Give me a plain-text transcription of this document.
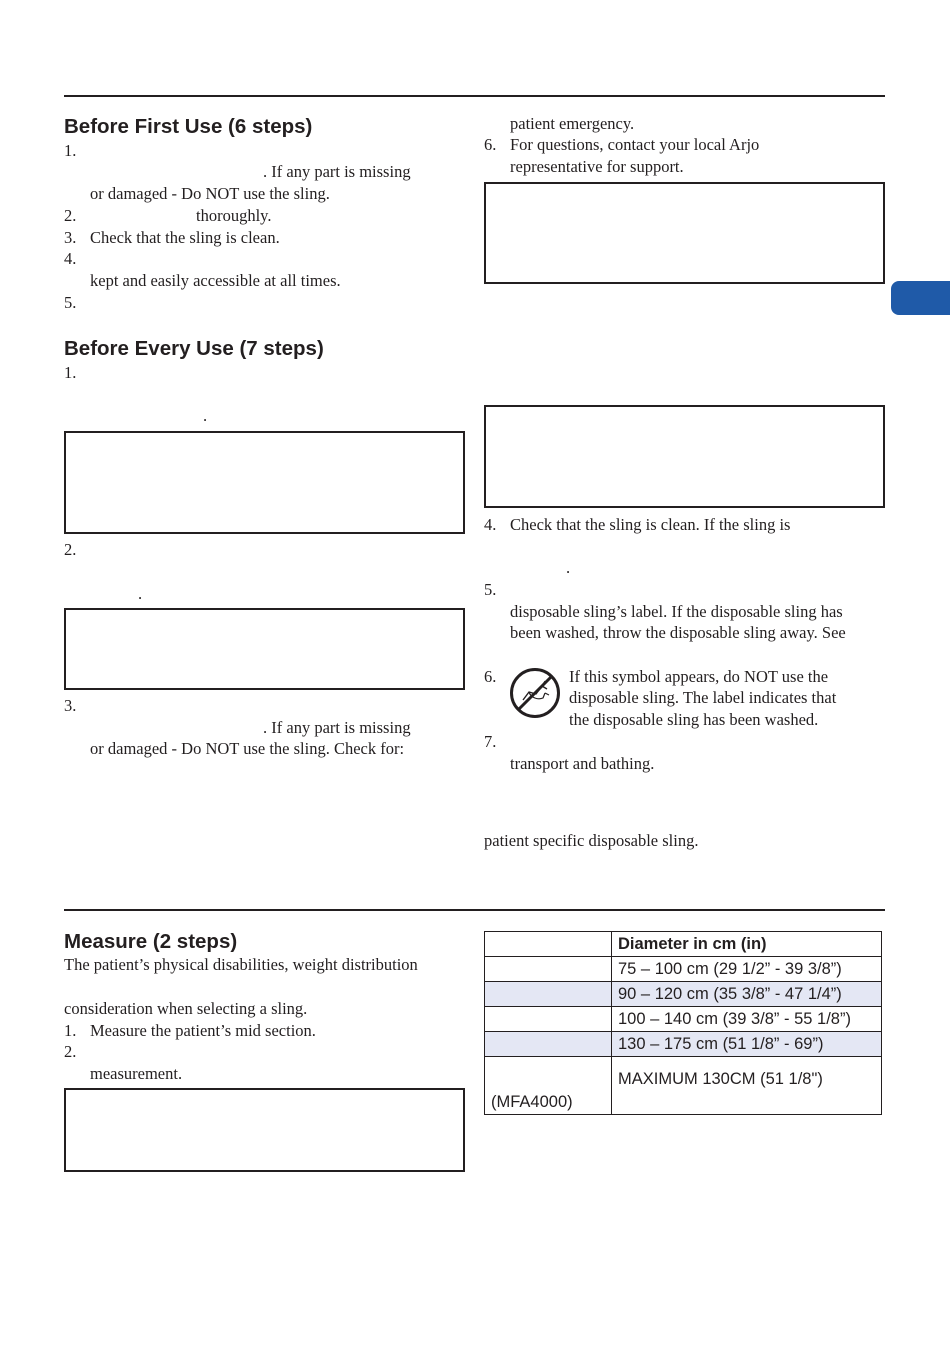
Before First Use (6 steps)
1.
. If any part is missing
or damaged - Do NOT use the sling.
2.	thoroughly.
3. Check that the sling is clean.
4.
kept and easily accessible at all times.
5.
Before Every Use (7 steps)
1.
.
2.
.
3.
. If any part is missing
or damaged - Do NOT use the sling. Check for:
patient emergency.
6. For questions, contact your local Arjo
representative for support.
4. Check that the sling is clean. If the sling is
.
5.
disposable sling’s label. If the disposable sling has
been washed, throw the disposable sling away. See
6.	If this symbol appears, do NOT use the
disposable sling. The label indicates that
the disposable sling has been washed.
7.
transport and bathing.
patient specific disposable sling.
Measure (2 steps)
The patient’s physical disabilities, weight distribution
consideration when selecting a sling.
1. Measure the patient’s mid section.
2.
measurement.
	Diameter in cm (in)
	75 – 100 cm (29 1/2” - 39 3/8”)
	90 – 120 cm (35 3/8” - 47 1/4”)
	100 – 140 cm (39 3/8” - 55 1/8”)
	130 – 175 cm (51 1/8” - 69”)
(MFA4000)	MAXIMUM 130CM (51 1/8")
